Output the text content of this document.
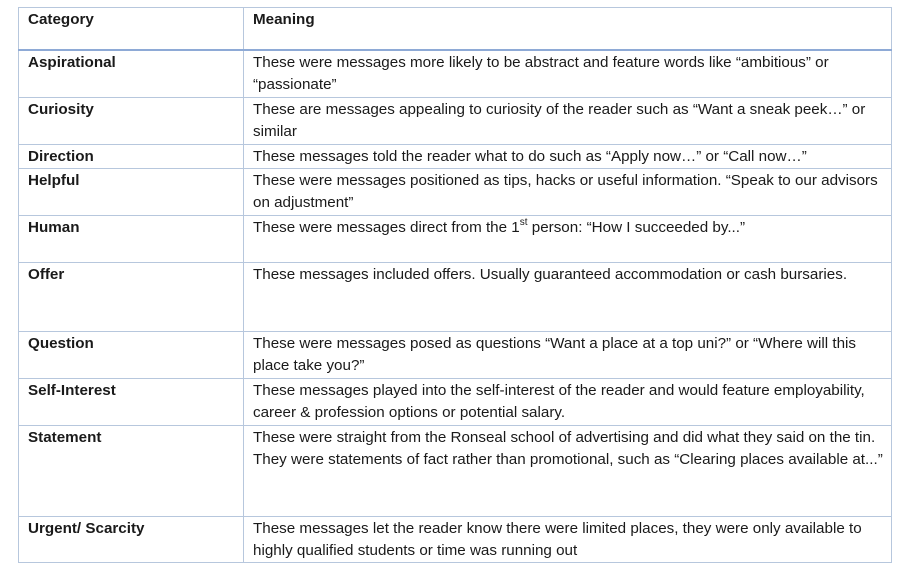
Category	Meaning
Aspirational	These were messages more likely to be abstract and feature words like “ambitious” or “passionate”
Curiosity	These are messages appealing to curiosity of the reader such as “Want a sneak peek…” or similar
Direction	These messages told the reader what to do such as “Apply now…” or “Call now…”
Helpful	These were messages positioned as tips, hacks or useful information. “Speak to our advisors on adjustment”
Human	These were messages direct from the 1st person: “How I succeeded by...”
Offer	These messages included offers. Usually guaranteed accommodation or cash bursaries.
Question	These were messages posed as questions “Want a place at a top uni?” or “Where will this place take you?”
Self-Interest	These messages played into the self-interest of the reader and would feature employability, career & profession options or potential salary.
Statement	These were straight from the Ronseal school of advertising and did what they said on the tin. They were statements of fact rather than promotional, such as “Clearing places available at...”
Urgent/ Scarcity	These messages let the reader know there were limited places, they were only available to highly qualified students or time was running out
